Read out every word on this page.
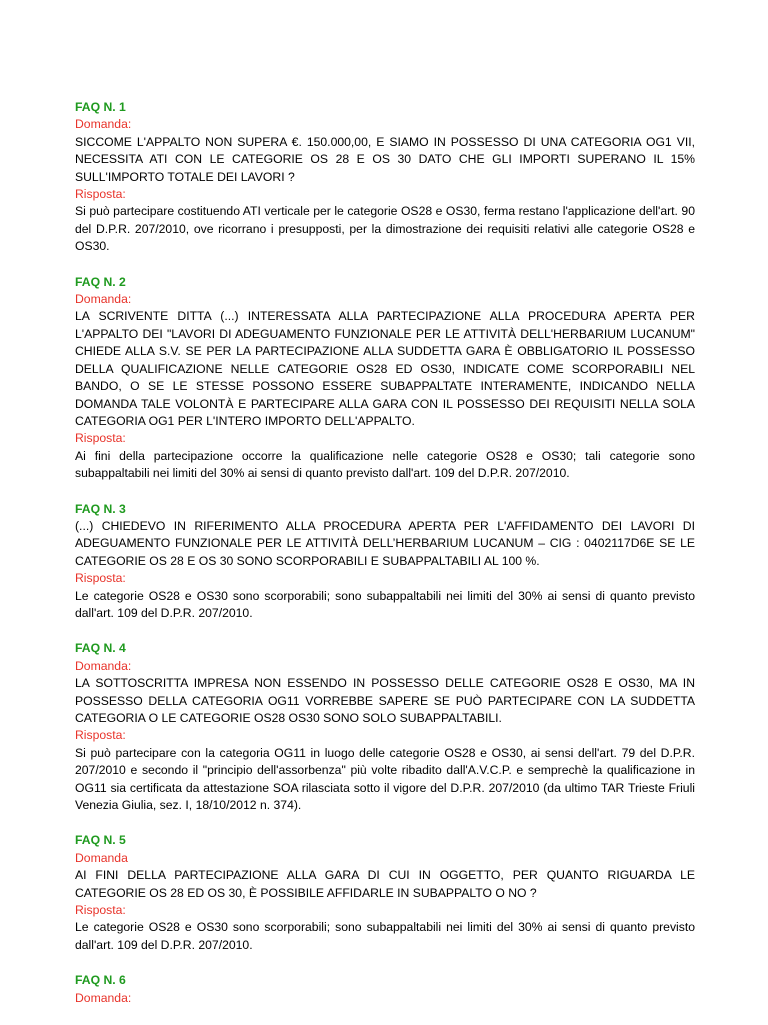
FAQ N. 1
Domanda:
SICCOME L'APPALTO NON SUPERA €. 150.000,00, E SIAMO IN POSSESSO DI UNA CATEGORIA OG1 VII, NECESSITA ATI CON LE CATEGORIE OS 28 E OS 30 DATO CHE GLI IMPORTI SUPERANO IL 15% SULL'IMPORTO TOTALE DEI LAVORI ?
Risposta:
Si può partecipare costituendo ATI verticale per le categorie OS28 e OS30, ferma restano l'applicazione dell'art. 90 del D.P.R. 207/2010, ove ricorrano i presupposti, per la dimostrazione dei requisiti relativi alle categorie OS28 e OS30.
FAQ N. 2
Domanda:
LA SCRIVENTE DITTA (...) INTERESSATA ALLA PARTECIPAZIONE ALLA PROCEDURA APERTA PER L'APPALTO DEI "LAVORI DI ADEGUAMENTO FUNZIONALE PER LE ATTIVITÀ DELL'HERBARIUM LUCANUM" CHIEDE ALLA S.V. SE PER LA PARTECIPAZIONE ALLA SUDDETTA GARA È OBBLIGATORIO IL POSSESSO DELLA QUALIFICAZIONE NELLE CATEGORIE OS28 ED OS30, INDICATE COME SCORPORABILI NEL BANDO, O SE LE STESSE POSSONO ESSERE SUBAPPALTATE INTERAMENTE, INDICANDO NELLA DOMANDA TALE VOLONTÀ E PARTECIPARE ALLA GARA CON IL POSSESSO DEI REQUISITI NELLA SOLA CATEGORIA OG1 PER L'INTERO IMPORTO DELL'APPALTO.
Risposta:
Ai fini della partecipazione occorre la qualificazione nelle categorie OS28 e OS30; tali categorie sono subappaltabili nei limiti del 30% ai sensi di quanto previsto dall'art. 109 del D.P.R. 207/2010.
FAQ N. 3
(...) CHIEDEVO IN RIFERIMENTO ALLA PROCEDURA APERTA PER L'AFFIDAMENTO DEI LAVORI DI ADEGUAMENTO FUNZIONALE PER LE ATTIVITÀ DELL’HERBARIUM LUCANUM – CIG : 0402117D6E SE LE CATEGORIE OS 28 E OS 30 SONO SCORPORABILI E SUBAPPALTABILI AL 100 %.
Risposta:
Le categorie OS28 e OS30 sono scorporabili; sono subappaltabili nei limiti del 30% ai sensi di quanto previsto dall'art. 109 del D.P.R. 207/2010.
FAQ N. 4
Domanda:
LA SOTTOSCRITTA IMPRESA NON ESSENDO IN POSSESSO DELLE CATEGORIE OS28 E OS30, MA IN POSSESSO DELLA CATEGORIA OG11 VORREBBE SAPERE SE PUÒ PARTECIPARE CON LA SUDDETTA CATEGORIA O LE CATEGORIE OS28 OS30 SONO SOLO SUBAPPALTABILI.
Risposta:
Si può partecipare con la categoria OG11 in luogo delle categorie OS28 e OS30, ai sensi dell'art. 79 del D.P.R. 207/2010 e secondo il "principio dell'assorbenza" più volte ribadito dall'A.V.C.P. e semprechè la qualificazione in OG11 sia certificata da attestazione SOA rilasciata sotto il vigore del D.P.R. 207/2010 (da ultimo TAR Trieste Friuli Venezia Giulia, sez. I, 18/10/2012 n. 374).
FAQ N. 5
Domanda
AI FINI DELLA PARTECIPAZIONE ALLA GARA DI CUI IN OGGETTO, PER QUANTO RIGUARDA LE CATEGORIE OS 28 ED OS 30, È POSSIBILE AFFIDARLE IN SUBAPPALTO O NO ?
Risposta:
Le categorie OS28 e OS30 sono scorporabili; sono subappaltabili nei limiti del 30% ai sensi di quanto previsto dall'art. 109 del D.P.R. 207/2010.
FAQ N. 6
Domanda:
